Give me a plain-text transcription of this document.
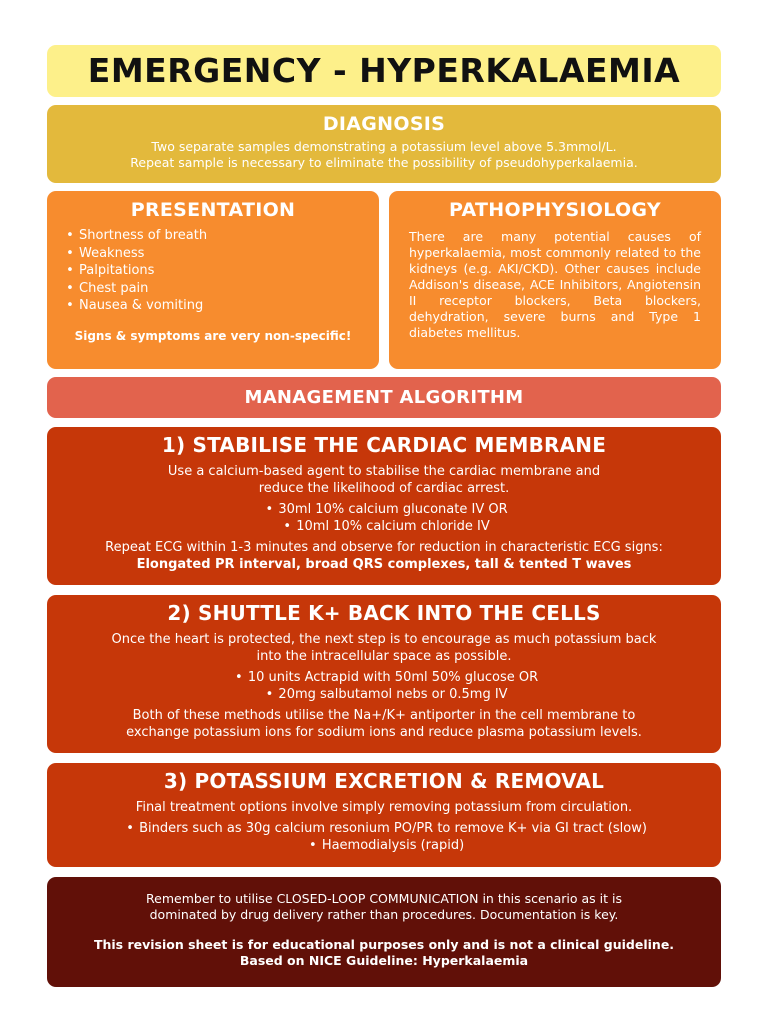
EMERGENCY - HYPERKALAEMIA
DIAGNOSIS

Two separate samples demonstrating a potassium level above 5.3mmol/L.

Repeat sample is necessary to eliminate the possibility of pseudohyperkalaemia.

PRESENTATION
• Shortness of breath
• Weakness
• Palpitations
• Chest pain
• Nausea & vomiting
Signs & symptoms are very non-specific!
PATHOPHYSIOLOGY

There are many potential causes of hyperkalaemia, most commonly related to the kidneys (e.g. AKI/CKD). Other causes include Addison's disease, ACE Inhibitors, Angiotensin II receptor blockers, Beta blockers, dehydration, severe burns and Type 1 diabetes mellitus.

MANAGEMENT ALGORITHM
1) STABILISE THE CARDIAC MEMBRANE

Use a calcium-based agent to stabilise the cardiac membrane and

reduce the likelihood of cardiac arrest.

• 30ml 10% calcium gluconate IV OR
• 10ml 10% calcium chloride IV

Repeat ECG within 1-3 minutes and observe for reduction in characteristic ECG signs:

Elongated PR interval, broad QRS complexes, tall & tented T waves

2) SHUTTLE K+ BACK INTO THE CELLS

Once the heart is protected, the next step is to encourage as much potassium back

into the intracellular space as possible.

• 10 units Actrapid with 50ml 50% glucose OR
• 20mg salbutamol nebs or 0.5mg IV

Both of these methods utilise the Na+/K+ antiporter in the cell membrane to

exchange potassium ions for sodium ions and reduce plasma potassium levels.

3) POTASSIUM EXCRETION & REMOVAL

Final treatment options involve simply removing potassium from circulation.

• Binders such as 30g calcium resonium PO/PR to remove K+ via GI tract (slow)
• Haemodialysis (rapid)

Remember to utilise CLOSED-LOOP COMMUNICATION in this scenario as it is

dominated by drug delivery rather than procedures. Documentation is key.

This revision sheet is for educational purposes only and is not a clinical guideline.

Based on NICE Guideline: Hyperkalaemia
